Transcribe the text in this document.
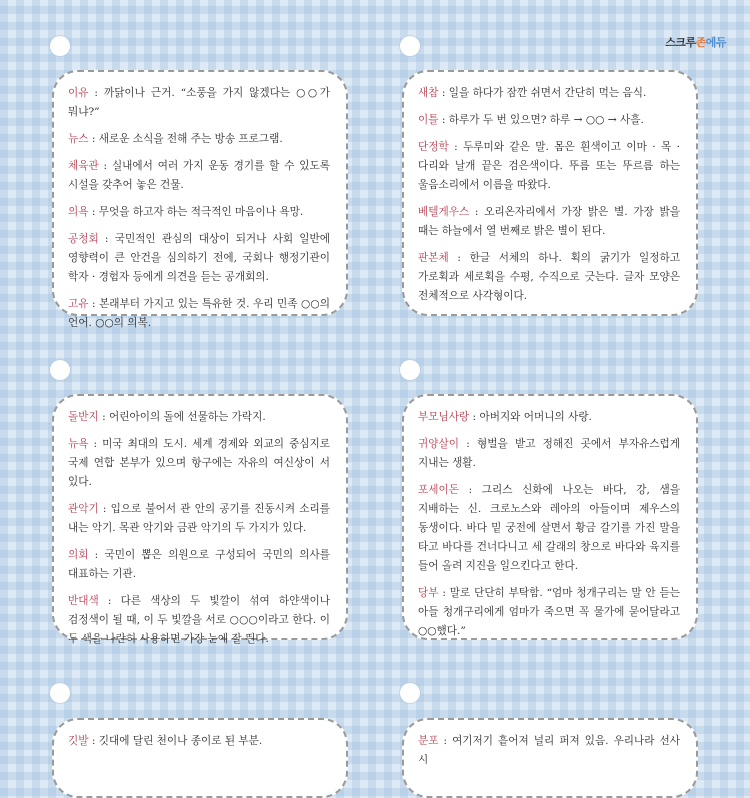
스크루존에듀
이유 : 까닭이나 근거. “소풍을 가지 않겠다는 ○○가 뭐냐?”
뉴스 : 새로운 소식을 전해 주는 방송 프로그램.
체육관 : 실내에서 여러 가지 운동 경기를 할 수 있도록 시설을 갖추어 놓은 건물.
의욕 : 무엇을 하고자 하는 적극적인 마음이나 욕망.
공청회 : 국민적인 관심의 대상이 되거나 사회 일반에 영향력이 큰 안건을 심의하기 전에, 국회나 행정기관이 학자 · 경험자 등에게 의견을 듣는 공개회의.
고유 : 본래부터 가지고 있는 특유한 것. 우리 민족 ○○의 언어. ○○의 의복.
새참 : 일을 하다가 잠깐 쉬면서 간단히 먹는 음식.
이틀 : 하루가 두 번 있으면? 하루 → ○○ → 사흘.
단정학 : 두루미와 같은 말. 몸은 흰색이고 이마 · 목 · 다리와 날개 끝은 검은색이다. 뚜름 또는 뚜르름 하는 울음소리에서 이름을 따왔다.
베텔게우스 : 오리온자리에서 가장 밝은 별. 가장 밝을 때는 하늘에서 열 번째로 밝은 별이 된다.
판본체 : 한글 서체의 하나. 획의 굵기가 일정하고 가로획과 세로획을 수평, 수직으로 긋는다. 글자 모양은 전체적으로 사각형이다.
돌반지 : 어린아이의 돌에 선물하는 가락지.
뉴욕 : 미국 최대의 도시. 세계 경제와 외교의 중심지로 국제 연합 본부가 있으며 항구에는 자유의 여신상이 서 있다.
관악기 : 입으로 불어서 관 안의 공기를 진동시켜 소리를 내는 악기. 목관 악기와 금관 악기의 두 가지가 있다.
의회 : 국민이 뽑은 의원으로 구성되어 국민의 의사를 대표하는 기관.
반대색 : 다른 색상의 두 빛깔이 섞여 하얀색이나 검정색이 될 때, 이 두 빛깔을 서로 ○○○이라고 한다. 이 두 색을 나란히 사용하면 가장 눈에 잘 띈다.
부모님사랑 : 아버지와 어머니의 사랑.
귀양살이 : 형벌을 받고 정해진 곳에서 부자유스럽게 지내는 생활.
포세이돈 : 그리스 신화에 나오는 바다, 강, 샘을 지배하는 신. 크로노스와 레아의 아들이며 제우스의 동생이다. 바다 밑 궁전에 살면서 황금 갈기를 가진 말을 타고 바다를 건너다니고 세 갈래의 창으로 바다와 육지를 들어 올려 지진을 일으킨다고 한다.
당부 : 말로 단단히 부탁함. “엄마 청개구리는 말 안 듣는 아들 청개구리에게 엄마가 죽으면 꼭 물가에 묻어달라고 ○○했다.”
깃발 : 깃대에 달린 천이나 종이로 된 부분.	분포 : 여기저기 흩어져 널리 퍼져 있음. 우리나라 선사 시
